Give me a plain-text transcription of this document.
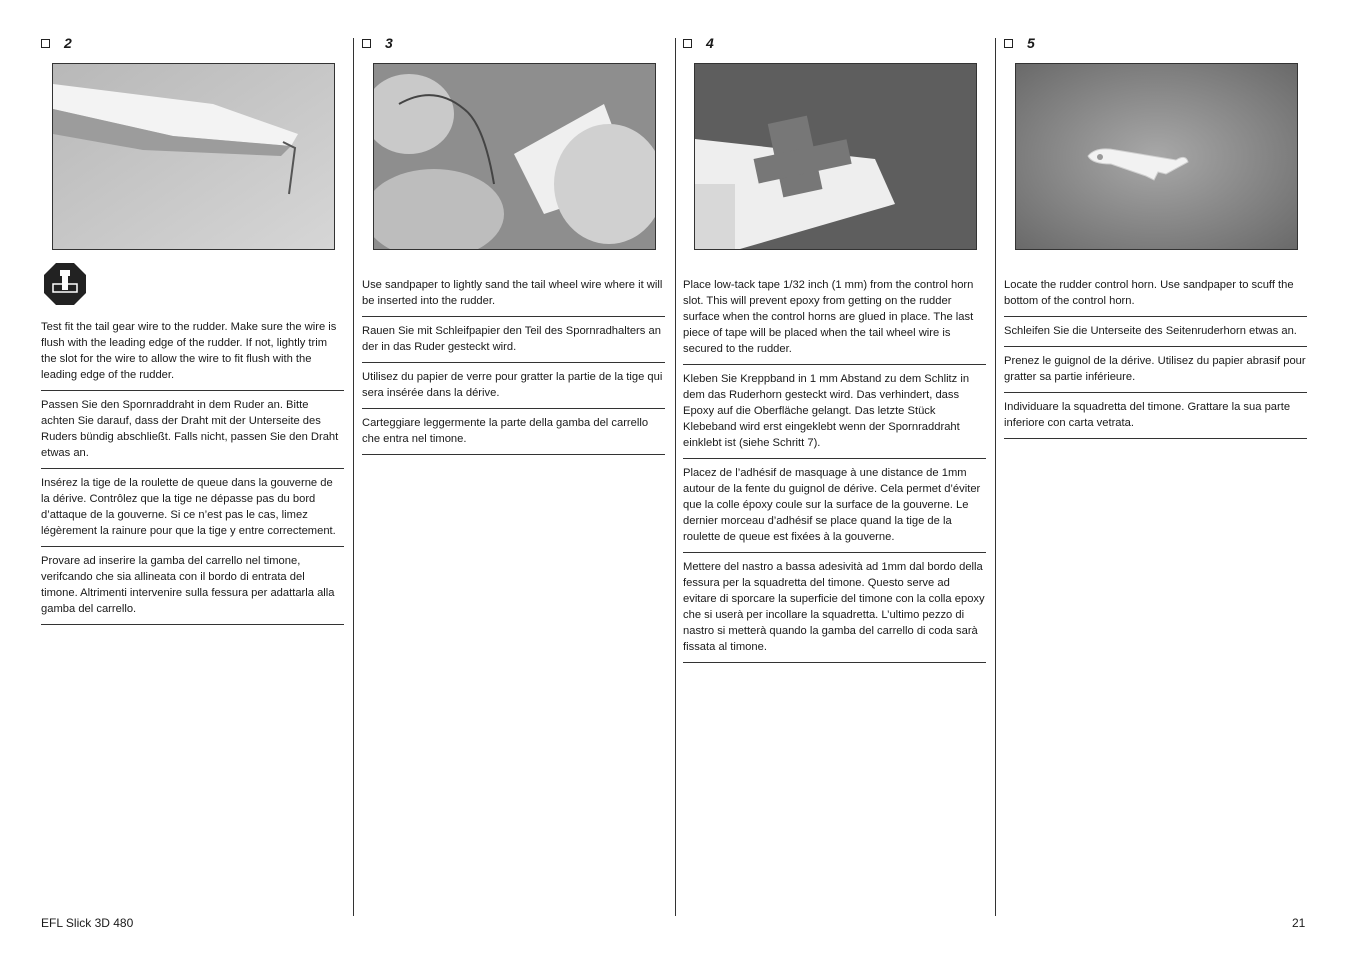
2
Test fit the tail gear wire to the rudder. Make sure the wire is flush with the leading edge of the rudder. If not, lightly trim the slot for the wire to allow the wire to fit flush with the leading edge of the rudder.
Passen Sie den Spornraddraht in dem Ruder an. Bitte achten Sie darauf, dass der Draht mit der Unterseite des Ruders bündig abschließt. Falls nicht, passen Sie den Draht etwas an.
Insérez la tige de la roulette de queue dans la gouverne de la dérive. Contrôlez que la tige ne dépasse pas du bord d’attaque de la gouverne. Si ce n’est pas le cas, limez légèrement la rainure pour que la tige y entre correctement.
Provare ad inserire la gamba del carrello nel timone, verifcando che sia allineata con il bordo di entrata del timone. Altrimenti intervenire sulla fessura per adattarla alla gamba del carrello.
3
Use sandpaper to lightly sand the tail wheel wire where it will be inserted into the rudder.
Rauen Sie mit Schleifpapier den Teil des Spornradhalters an der in das Ruder gesteckt wird.
Utilisez du papier de verre pour gratter la partie de la tige qui sera insérée dans la dérive.
Carteggiare leggermente la parte della gamba del carrello che entra nel timone.
4
Place low-tack tape 1/32 inch (1 mm) from the control horn slot. This will prevent epoxy from getting on the rudder surface when the control horns are glued in place. The last piece of tape will be placed when the tail wheel wire is secured to the rudder.
Kleben Sie Kreppband in 1 mm Abstand zu dem Schlitz in dem das Ruderhorn gesteckt wird. Das verhindert, dass Epoxy auf die Oberfläche gelangt. Das letzte Stück Klebeband wird erst eingeklebt wenn der Spornraddraht einklebt ist (siehe Schritt 7).
Placez de l’adhésif de masquage à une distance de 1mm autour de la fente du guignol de dérive. Cela permet d’éviter que la colle époxy coule sur la surface de la gouverne. Le dernier morceau d’adhésif se place quand la tige de la roulette de queue est fixées à la gouverne.
Mettere del nastro a bassa adesività ad 1mm dal bordo della fessura per la squadretta del timone. Questo serve ad evitare di sporcare la superficie del timone con la colla epoxy che si userà per incollare la squadretta. L’ultimo pezzo di nastro si metterà quando la gamba del carrello di coda sarà fissata al timone.
5
Locate the rudder control horn. Use sandpaper to scuff the bottom of the control horn.
Schleifen Sie die Unterseite des Seitenruderhorn etwas an.
Prenez le guignol de la dérive. Utilisez du papier abrasif pour gratter sa partie inférieure.
Individuare la squadretta del timone. Grattare la sua parte inferiore con carta vetrata.
EFL Slick 3D 480	21
